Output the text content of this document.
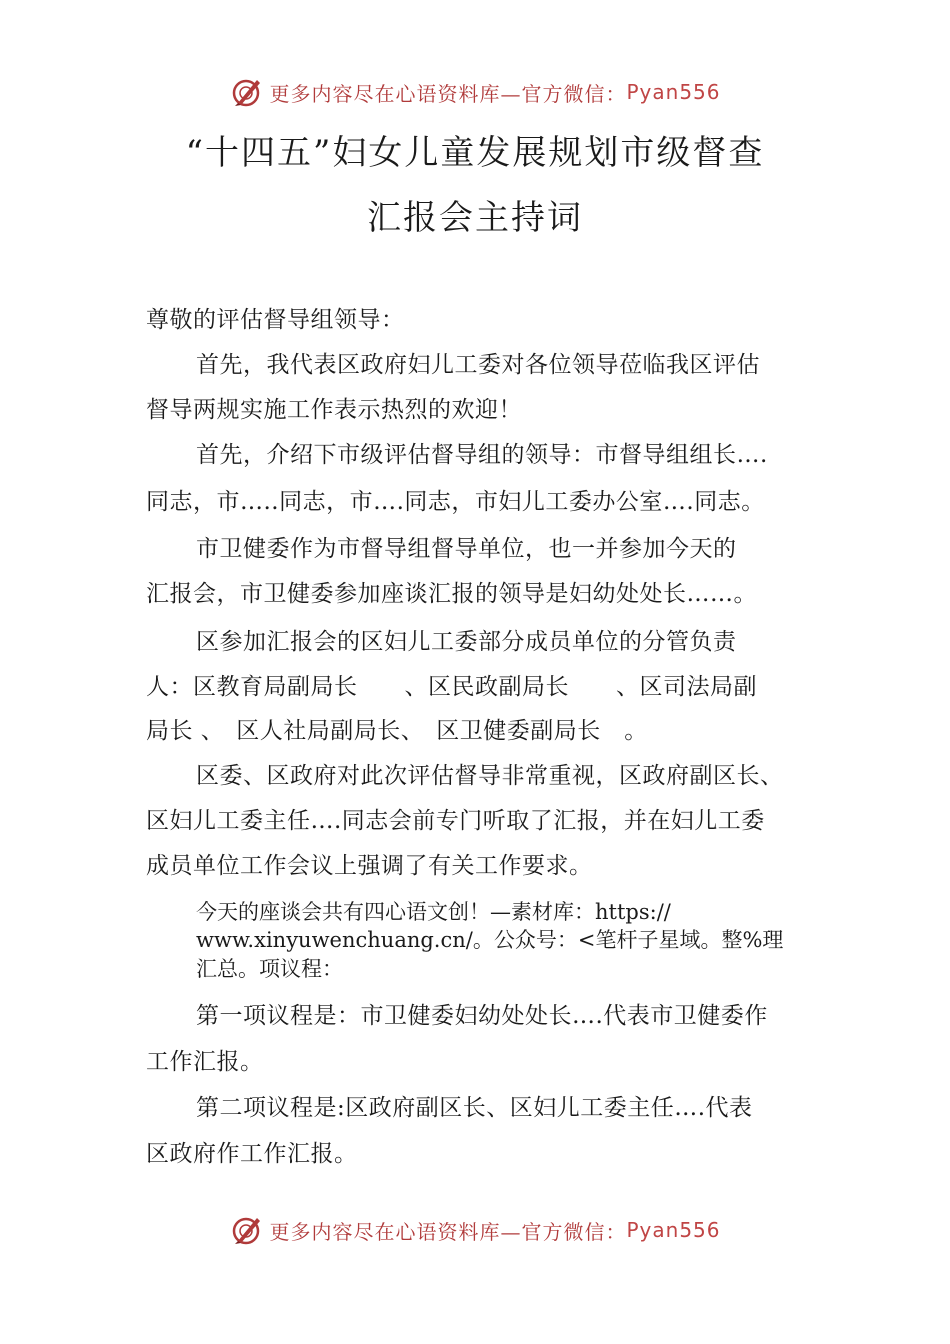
更多内容尽在心语资料库—官方微信： Pyan556
“十四五”妇女儿童发展规划市级督查
汇报会主持词
尊敬的评估督导组领导：
首先，我代表区政府妇儿工委对各位领导莅临我区评估
督导两规实施工作表示热烈的欢迎！
首先，介绍下市级评估督导组的领导：市督导组组长….
同志，市…..同志，市….同志，市妇儿工委办公室….同志。
市卫健委作为市督导组督导单位，也一并参加今天的
汇报会，市卫健委参加座谈汇报的领导是妇幼处处长……。
区参加汇报会的区妇儿工委部分成员单位的分管负责
人：区教育局副局长　　、区民政副局长　　、区司法局副
局长 、　区人社局副局长、　区卫健委副局长　。
区委、区政府对此次评估督导非常重视，区政府副区长、
区妇儿工委主任….同志会前专门听取了汇报，并在妇儿工委
成员单位工作会议上强调了有关工作要求。
今天的座谈会共有四心语文创！—素材库：https://
www.xinyuwenchuang.cn/。公众号：<笔杆子星域。整%理
汇总。项议程：
第一项议程是：市卫健委妇幼处处长….代表市卫健委作
工作汇报。
第二项议程是:区政府副区长、区妇儿工委主任….代表
区政府作工作汇报。
更多内容尽在心语资料库—官方微信： Pyan556
